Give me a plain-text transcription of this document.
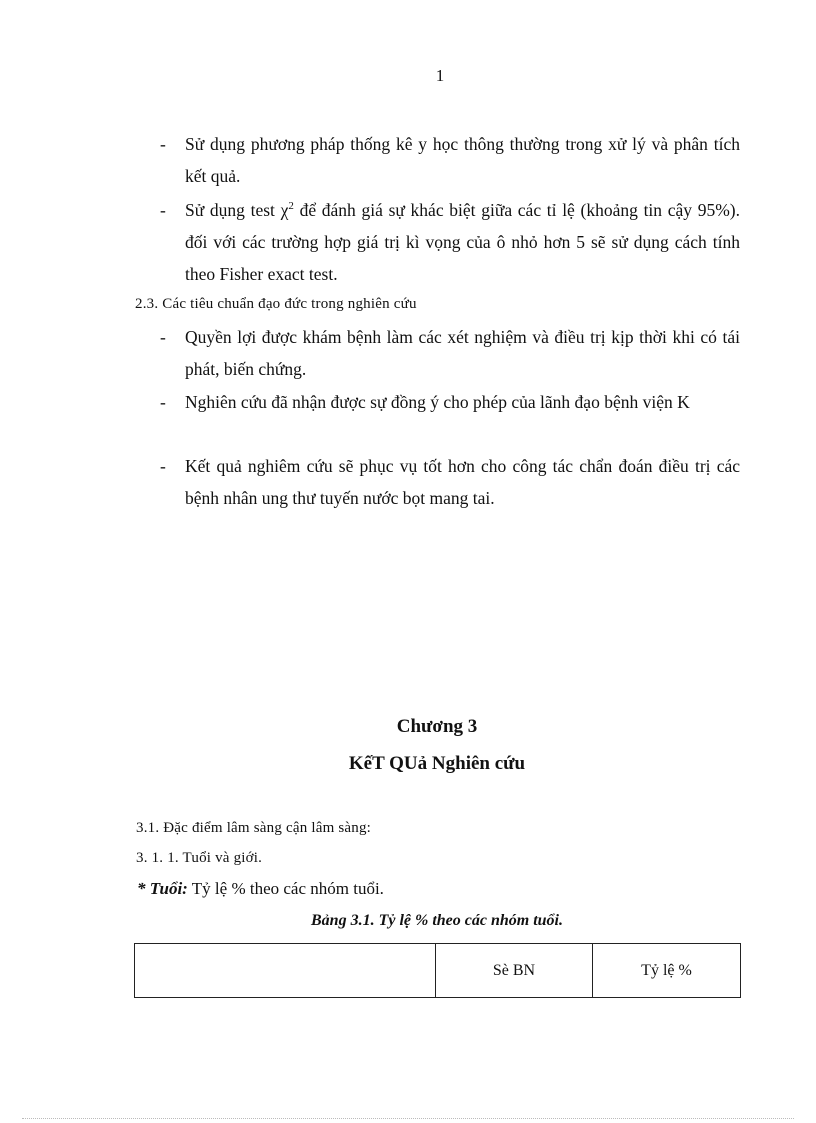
1
- Sử dụng phương pháp thống kê y học thông thường trong xử lý và phân tích kết quả.
- Sử dụng test $\chi^2$ để đánh giá sự khác biệt giữa các tỉ lệ (khoảng tin cậy 95%). đối với các trường hợp giá trị kì vọng của ô nhỏ hơn 5 sẽ sử dụng cách tính theo Fisher exact test.
2.3. Các tiêu chuẩn đạo đức trong nghiên cứu
- Quyền lợi được khám bệnh làm các xét nghiệm và điều trị kịp thời khi có tái phát, biến chứng.
- Nghiên cứu đã nhận được sự đồng ý cho phép của lãnh đạo bệnh viện K
- Kết quả nghiêm cứu sẽ phục vụ tốt hơn cho công tác chẩn đoán điều trị các bệnh nhân ung thư tuyến nước bọt mang tai.
Chương 3
KếT QUả Nghiên cứu
3.1. Đặc điểm lâm sàng cận lâm sàng:
3. 1. 1. Tuổi và giới.
* Tuổi: Tỷ lệ % theo các nhóm tuổi.
Bảng 3.1. Tỷ lệ % theo các nhóm tuổi.
	Sè BN	Tỷ lệ %
